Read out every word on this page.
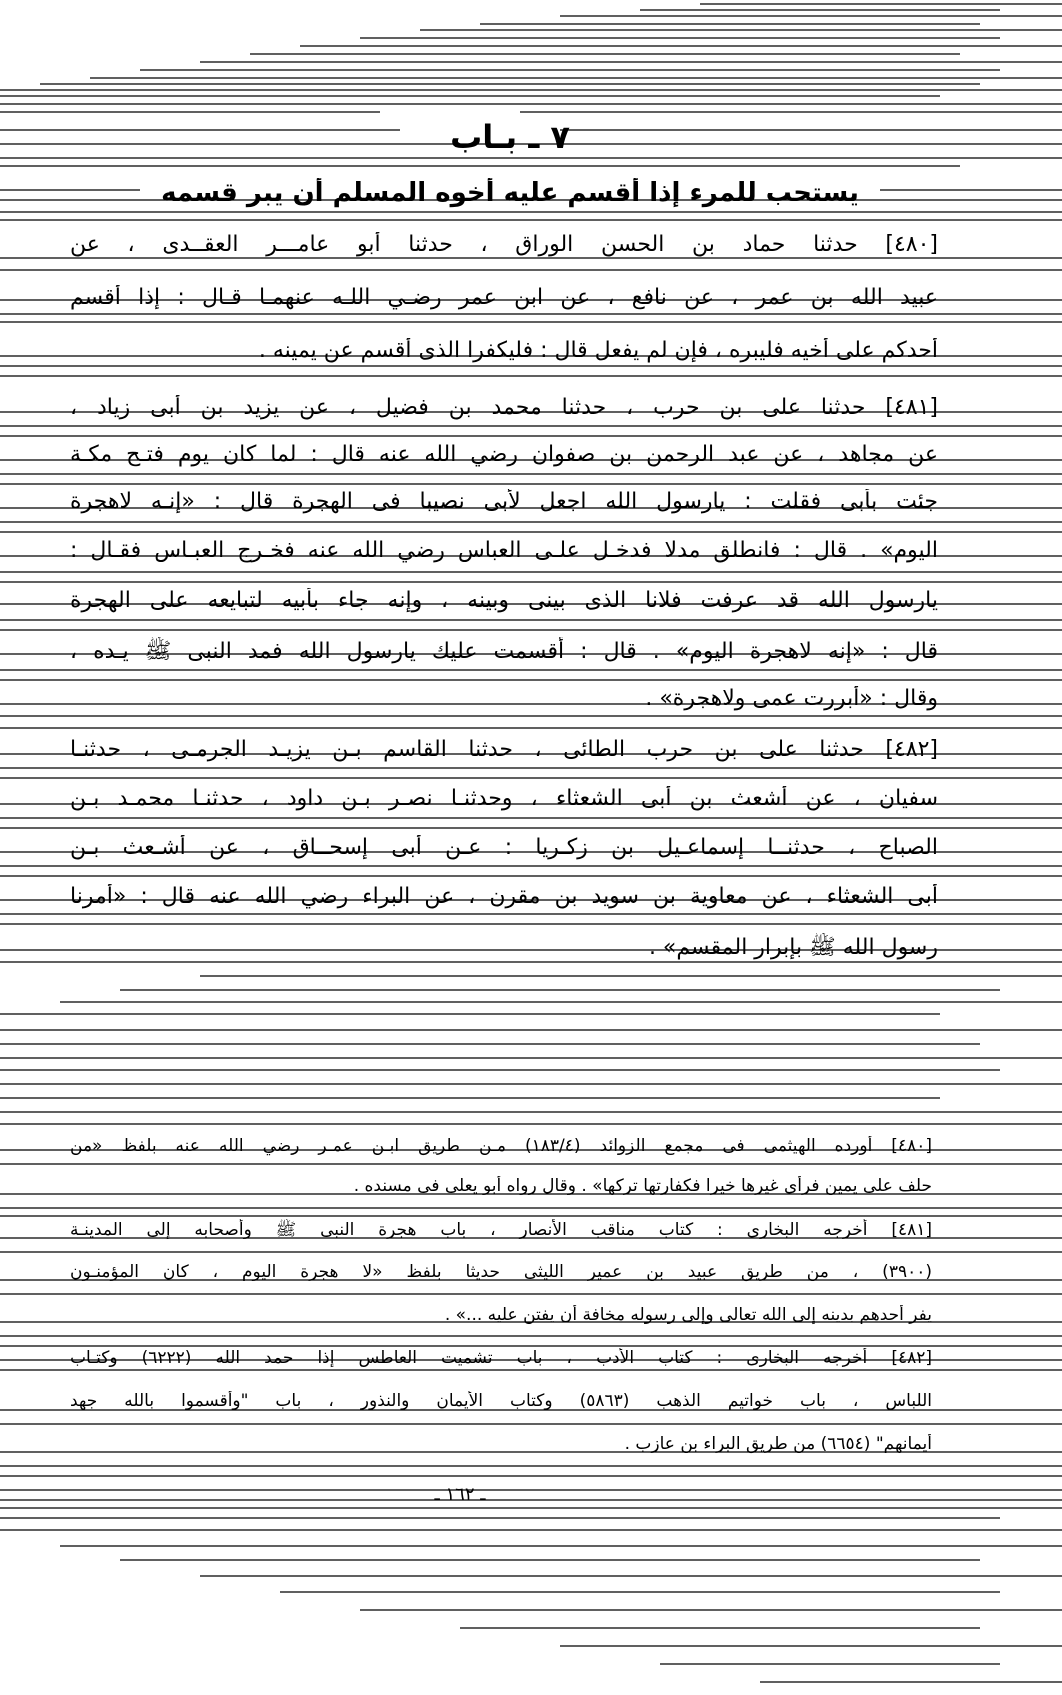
٧ ـ بـاب
يستحب للمرء إذا أقسم عليه أخوه المسلم أن يبر قسمه
[٤٨٠] حدثنا حماد بن الحسن الوراق ، حدثنا أبو عامـــر العقــدى ، عن
عبيد الله بن عمر ، عن نافع ، عن ابن عمر رضـي اللـه عنهمـا قـال : إذا أقسم
أحدكم على أخيه فليبره ، فإن لم يفعل قال : فليكفرا الذى أقسم عن يمينه .
[٤٨١] حدثنا على بن حرب ، حدثنا محمد بن فضيل ، عن يزيد بن أبى زياد ،
عن مجاهد ، عن عبد الرحمن بن صفوان رضي الله عنه قال : لما كان يوم فتـح مكـة
جئت بأبى فقلت : يارسول الله اجعل لأبى نصيبا فى الهجرة قال : «إنـه لاهجرة
اليوم» . قال : فانطلق مدلا فدخـل علـى العباس رضي الله عنه فخـرج العبـاس فقـال :
يارسول الله قد عرفت فلانا الذى بينى وبينه ، وإنه جاء بأبيه لتبايعه على الهجرة
قال : «إنه لاهجرة اليوم» . قال : أقسمت عليك يارسول الله فمد النبى ﷺ يـده ،
وقال : «أبررت عمى ولاهجرة» .
[٤٨٢] حدثنا على بن حرب الطائى ، حدثنا القاسم بـن يزيـد الجرمـى ، حدثنـا
سفيان ، عن أشعث بن أبى الشعثاء ، وحدثنـا نصـر بـن داود ، حدثنـا محمـد بـن
الصباح ، حدثنــا إسماعـيل بن زكـريا : عـن أبى إسحــاق ، عن أشـعث بـن
أبى الشعثاء ، عن معاوية بن سويد بن مقرن ، عن البراء رضي الله عنه قال : «أمرنا
رسول الله ﷺ بإبرار المقسم» .
[٤٨٠] أورده الهيثمى فى مجمع الزوائد (١٨٣/٤) مـن طريق ابـن عمـر رضي الله عنه بلفظ «من
حلف على يمين فرأى غيرها خيرا فكفارتها تركها» . وقال رواه أبو يعلى فى مسنده .
[٤٨١] أخرجه البخارى : كتاب مناقب الأنصار ، باب هجرة النبى ﷺ وأصحابه إلى المدينـة
(٣٩٠٠) ، من طريق عبيد بن عمير الليثى حديثا بلفظ «لا هجرة اليوم ، كان المؤمنـون
يفر أحدهم بدينه إلى الله تعالى وإلى رسوله مخافة أن يفتن عليه ...» .
[٤٨٢] أخرجه البخارى : كتاب الأدب ، باب تشميت العاطس إذا حمد الله (٦٢٢٢) وكتـاب
اللباس ، باب خواتيم الذهب (٥٨٦٣) وكتاب الأيمان والنذور ، باب "وأقسموا بالله جهد
أيمانهم" (٦٦٥٤) من طريق البراء بن عازب .
ـ ١٦٢ ـ
